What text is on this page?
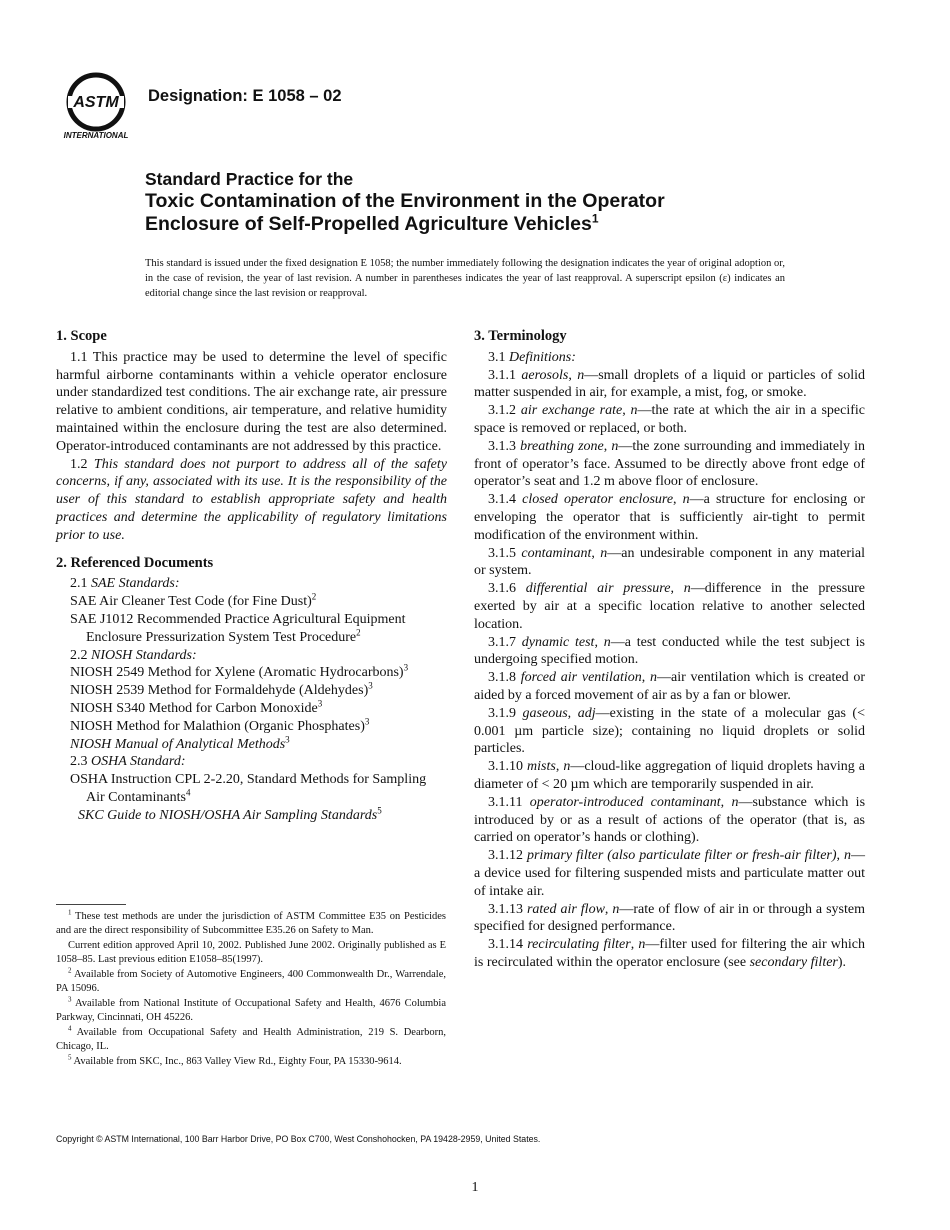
ASTM
INTERNATIONAL
Designation: E 1058 – 02
Standard Practice for the
Toxic Contamination of the Environment in the Operator
Enclosure of Self-Propelled Agriculture Vehicles$^1$
This standard is issued under the fixed designation E 1058; the number immediately following the designation indicates the year of original adoption or, in the case of revision, the year of last revision. A number in parentheses indicates the year of last reapproval. A superscript epsilon (ε) indicates an editorial change since the last revision or reapproval.
1. Scope

1.1 This practice may be used to determine the level of specific harmful airborne contaminants within a vehicle operator enclosure under standardized test conditions. The air exchange rate, air pressure relative to ambient conditions, air temperature, and relative humidity maintained within the enclosure during the test are also determined. Operator-introduced contaminants are not addressed by this practice.

1.2 This standard does not purport to address all of the safety concerns, if any, associated with its use. It is the responsibility of the user of this standard to establish appropriate safety and health practices and determine the applicability of regulatory limitations prior to use.

2. Referenced Documents

2.1 SAE Standards:

SAE Air Cleaner Test Code (for Fine Dust)$^2$

SAE J1012 Recommended Practice Agricultural Equipment Enclosure Pressurization System Test Procedure$^2$

2.2 NIOSH Standards:

NIOSH 2549 Method for Xylene (Aromatic Hydrocarbons)$^3$

NIOSH 2539 Method for Formaldehyde (Aldehydes)$^3$

NIOSH S340 Method for Carbon Monoxide$^3$

NIOSH Method for Malathion (Organic Phosphates)$^3$

NIOSH Manual of Analytical Methods$^3$

2.3 OSHA Standard:

OSHA Instruction CPL 2-2.20, Standard Methods for Sampling Air Contaminants$^4$

SKC Guide to NIOSH/OSHA Air Sampling Standards$^5$

3. Terminology

3.1 Definitions:

3.1.1 aerosols, n—small droplets of a liquid or particles of solid matter suspended in air, for example, a mist, fog, or smoke.

3.1.2 air exchange rate, n—the rate at which the air in a specific space is removed or replaced, or both.

3.1.3 breathing zone, n—the zone surrounding and immediately in front of operator’s face. Assumed to be directly above front edge of operator’s seat and 1.2 m above floor of enclosure.

3.1.4 closed operator enclosure, n—a structure for enclosing or enveloping the operator that is sufficiently air-tight to permit modification of the environment within.

3.1.5 contaminant, n—an undesirable component in any material or system.

3.1.6 differential air pressure, n—difference in the pressure exerted by air at a specific location relative to another selected location.

3.1.7 dynamic test, n—a test conducted while the test subject is undergoing specified motion.

3.1.8 forced air ventilation, n—air ventilation which is created or aided by a forced movement of air as by a fan or blower.

3.1.9 gaseous, adj—existing in the state of a molecular gas (< 0.001 µm particle size); containing no liquid droplets or solid particles.

3.1.10 mists, n—cloud-like aggregation of liquid droplets having a diameter of < 20 µm which are temporarily suspended in air.

3.1.11 operator-introduced contaminant, n—substance which is introduced by or as a result of actions of the operator (that is, as carried on operator’s hands or clothing).

3.1.12 primary filter (also particulate filter or fresh-air filter), n—a device used for filtering suspended mists and particulate matter out of intake air.

3.1.13 rated air flow, n—rate of flow of air in or through a system specified for designed performance.

3.1.14 recirculating filter, n—filter used for filtering the air which is recirculated within the operator enclosure (see secondary filter).

$^1$ These test methods are under the jurisdiction of ASTM Committee E35 on Pesticides and are the direct responsibility of Subcommittee E35.26 on Safety to Man.

Current edition approved April 10, 2002. Published June 2002. Originally published as E 1058–85. Last previous edition E1058–85(1997).

$^2$ Available from Society of Automotive Engineers, 400 Commonwealth Dr., Warrendale, PA 15096.

$^3$ Available from National Institute of Occupational Safety and Health, 4676 Columbia Parkway, Cincinnati, OH 45226.

$^4$ Available from Occupational Safety and Health Administration, 219 S. Dearborn, Chicago, IL.

$^5$ Available from SKC, Inc., 863 Valley View Rd., Eighty Four, PA 15330-9614.

Copyright © ASTM International, 100 Barr Harbor Drive, PO Box C700, West Conshohocken, PA 19428-2959, United States.
1
